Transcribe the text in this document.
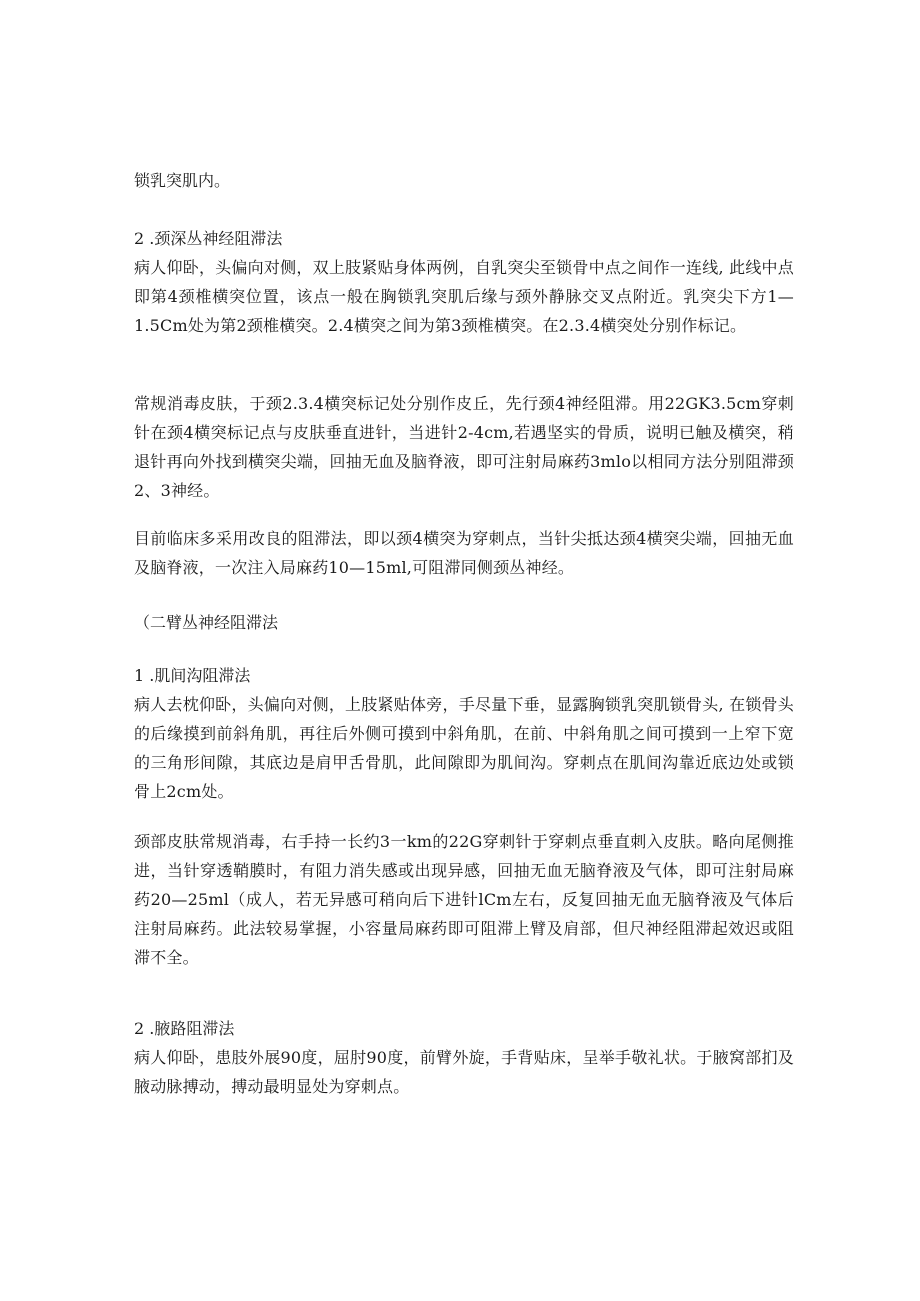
锁乳突肌内。

2 .颈深丛神经阻滞法

病人仰卧，头偏向对侧，双上肢紧贴身体两例，自乳突尖至锁骨中点之间作一连线, 此线中点即第4颈椎横突位置，该点一般在胸锁乳突肌后缘与颈外静脉交叉点附近。乳突尖下方1—1.5Cm处为第2颈椎横突。2.4横突之间为第3颈椎横突。在2.3.4横突处分别作标记。

常规消毒皮肤，于颈2.3.4横突标记处分别作皮丘，先行颈4神经阻滞。用22GK3.5cm穿刺针在颈4横突标记点与皮肤垂直进针，当进针2-4cm,若遇坚实的骨质，说明已触及横突，稍退针再向外找到横突尖端，回抽无血及脑脊液，即可注射局麻药3mlo以相同方法分别阻滞颈2、3神经。

目前临床多采用改良的阻滞法，即以颈4横突为穿刺点，当针尖抵达颈4横突尖端，回抽无血及脑脊液，一次注入局麻药10—15ml,可阻滞同侧颈丛神经。

（二臂丛神经阻滞法

1 .肌间沟阻滞法

病人去枕仰卧，头偏向对侧，上肢紧贴体旁，手尽量下垂，显露胸锁乳突肌锁骨头, 在锁骨头的后缘摸到前斜角肌，再往后外侧可摸到中斜角肌，在前、中斜角肌之间可摸到一上窄下宽的三角形间隙，其底边是肩甲舌骨肌，此间隙即为肌间沟。穿刺点在肌间沟靠近底边处或锁骨上2cm处。

颈部皮肤常规消毒，右手持一长约3一km的22G穿刺针于穿刺点垂直刺入皮肤。略向尾侧推进，当针穿透鞘膜时，有阻力消失感或出现异感，回抽无血无脑脊液及气体，即可注射局麻药20—25ml（成人，若无异感可稍向后下进针lCm左右，反复回抽无血无脑脊液及气体后注射局麻药。此法较易掌握，小容量局麻药即可阻滞上臂及肩部，但尺神经阻滞起效迟或阻滞不全。

2 .腋路阻滞法

病人仰卧，患肢外展90度，屈肘90度，前臂外旋，手背贴床，呈举手敬礼状。于腋窝部扪及腋动脉搏动，搏动最明显处为穿刺点。
